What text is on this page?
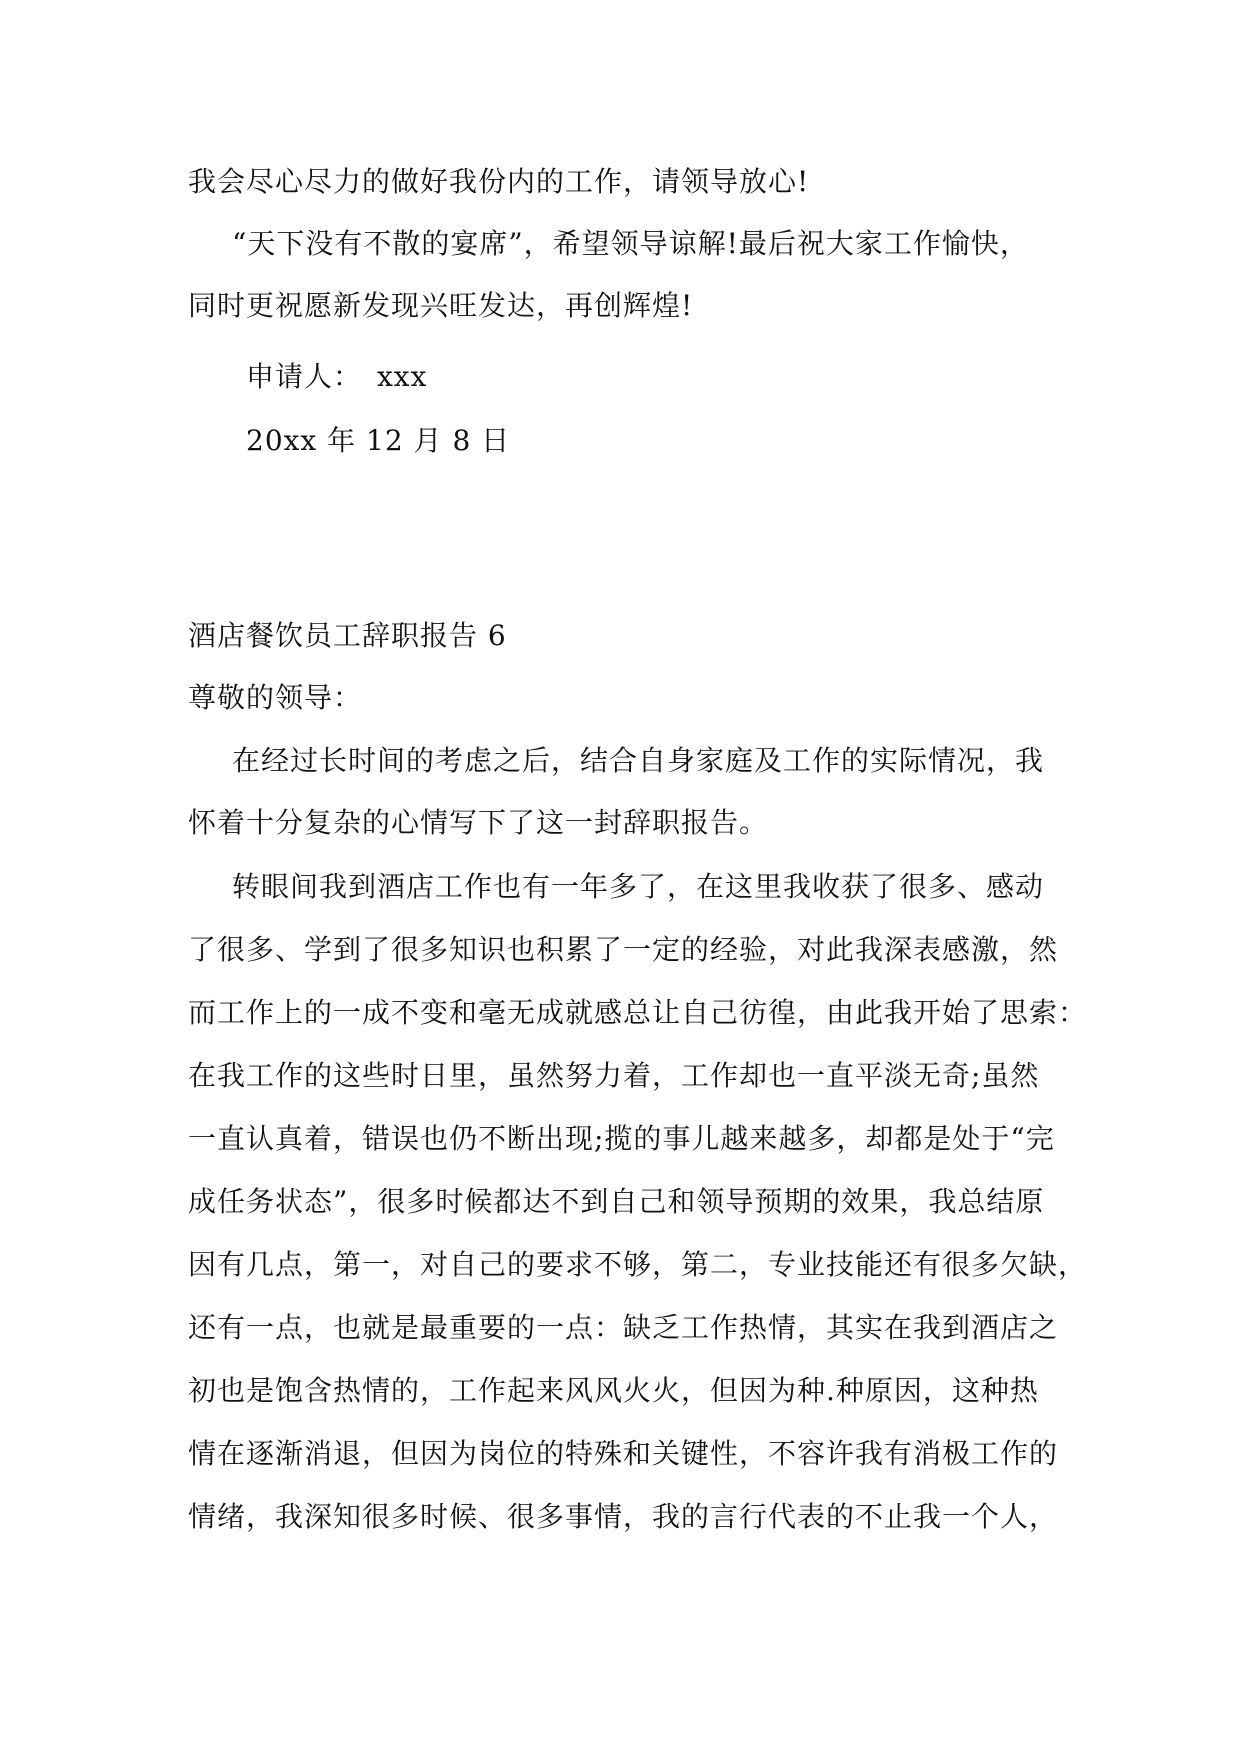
我会尽心尽力的做好我份内的工作，请领导放心!
“天下没有不散的宴席”，希望领导谅解!最后祝大家工作愉快，
同时更祝愿新发现兴旺发达，再创辉煌!
申请人：　xxx
20xx 年 12 月 8 日
酒店餐饮员工辞职报告 6
尊敬的领导：
在经过长时间的考虑之后，结合自身家庭及工作的实际情况，我
怀着十分复杂的心情写下了这一封辞职报告。
转眼间我到酒店工作也有一年多了，在这里我收获了很多、感动
了很多、学到了很多知识也积累了一定的经验，对此我深表感激，然
而工作上的一成不变和毫无成就感总让自己彷徨，由此我开始了思索：
在我工作的这些时日里，虽然努力着，工作却也一直平淡无奇;虽然
一直认真着，错误也仍不断出现;揽的事儿越来越多，却都是处于“完
成任务状态”，很多时候都达不到自己和领导预期的效果，我总结原
因有几点，第一，对自己的要求不够，第二，专业技能还有很多欠缺，
还有一点，也就是最重要的一点：缺乏工作热情，其实在我到酒店之
初也是饱含热情的，工作起来风风火火，但因为种.种原因，这种热
情在逐渐消退，但因为岗位的特殊和关键性，不容许我有消极工作的
情绪，我深知很多时候、很多事情，我的言行代表的不止我一个人，
